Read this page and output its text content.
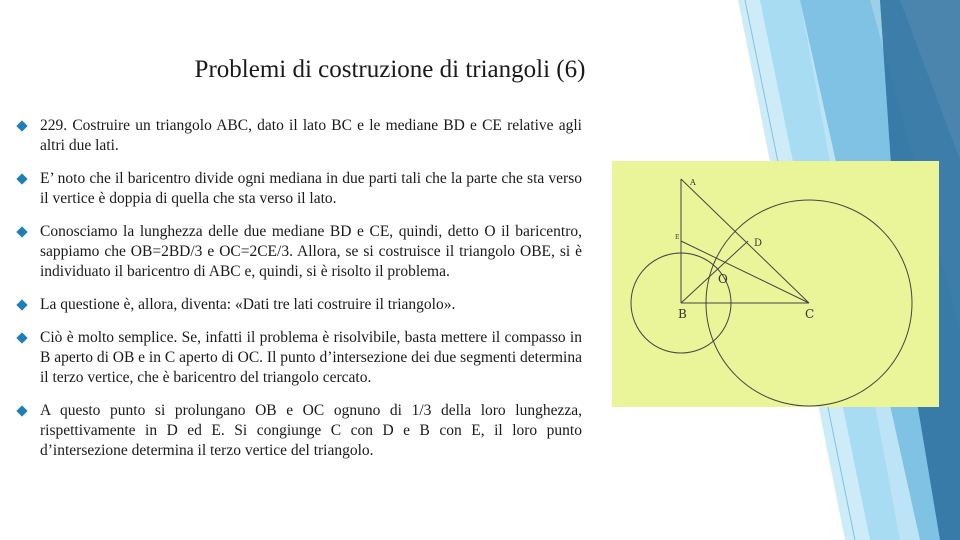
Problemi di costruzione di triangoli (6)
229. Costruire un triangolo ABC, dato il lato BC e le mediane BD e CE relative agli altri due lati.
E’ noto che il baricentro divide ogni mediana in due parti tali che la parte che sta verso il vertice è doppia di quella che sta verso il lato.
Conosciamo la lunghezza delle due mediane BD e CE, quindi, detto O il baricentro, sappiamo che OB=2BD/3 e OC=2CE/3. Allora, se si costruisce il triangolo OBE, si è individuato il baricentro di ABC e, quindi, si è risolto il problema.
La questione è, allora, diventa: «Dati tre lati costruire il triangolo».
Ciò è molto semplice. Se, infatti il problema è risolvibile, basta mettere il compasso in B aperto di OB e in C aperto di OC. Il punto d’intersezione dei due segmenti determina il terzo vertice, che è baricentro del triangolo cercato.
A questo punto si prolungano OB e OC ognuno di 1/3 della loro lunghezza, rispettivamente in D ed E. Si congiunge C con D e B con E, il loro punto d’intersezione determina il terzo vertice del triangolo.
A
E
D
O
B	C
